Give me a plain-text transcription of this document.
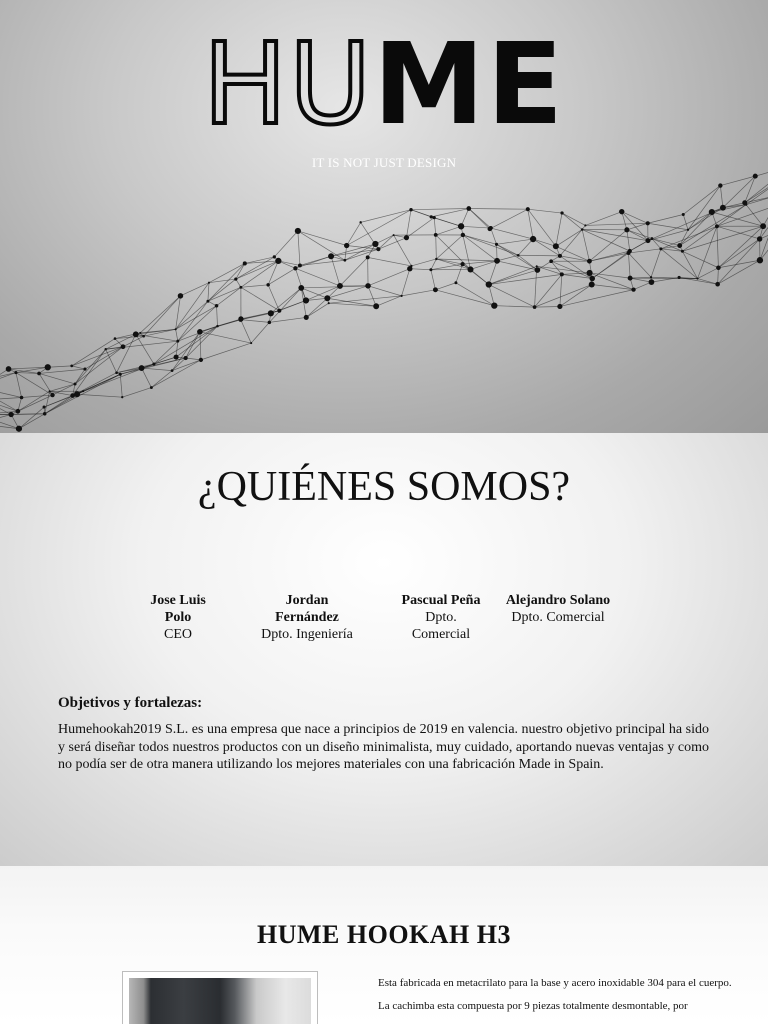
HUME
IT IS NOT JUST DESIGN
¿QUIÉNES SOMOS?
Jose Luis
Polo
CEO
Jordan
Fernández
Dpto. Ingeniería
Pascual Peña
Dpto.
Comercial
Alejandro Solano
Dpto. Comercial
Objetivos y fortalezas:

Humehookah2019 S.L. es una empresa que nace a principios de 2019 en valencia. nuestro objetivo principal ha sido y será diseñar todos nuestros productos con un diseño minimalista, muy cuidado, aportando nuevas ventajas y como no podía ser de otra manera utilizando los mejores materiales con una fabricación Made in Spain.

HUME HOOKAH H3

Esta fabricada en metacrilato para la base y acero inoxidable 304 para el cuerpo.

La cachimba esta compuesta por 9 piezas totalmente desmontable, por
